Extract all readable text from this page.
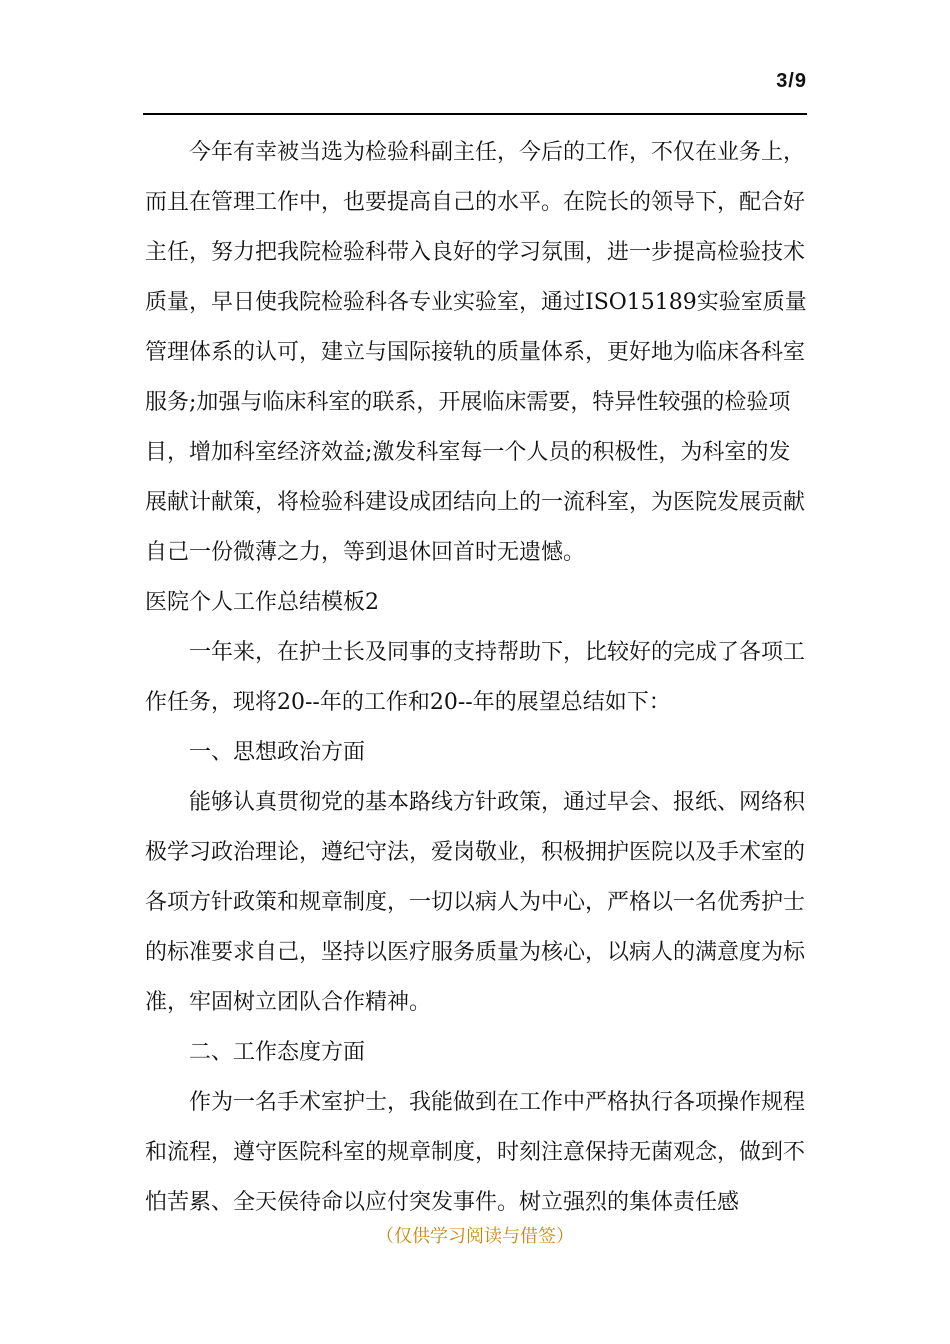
3/9

今年有幸被当选为检验科副主任，今后的工作，不仅在业务上，而且在管理工作中，也要提高自己的水平。在院长的领导下，配合好主任，努力把我院检验科带入良好的学习氛围，进一步提高检验技术质量，早日使我院检验科各专业实验室，通过ISO15189实验室质量管理体系的认可，建立与国际接轨的质量体系，更好地为临床各科室服务;加强与临床科室的联系，开展临床需要，特异性较强的检验项目，增加科室经济效益;激发科室每一个人员的积极性，为科室的发展献计献策，将检验科建设成团结向上的一流科室，为医院发展贡献自己一份微薄之力，等到退休回首时无遗憾。

医院个人工作总结模板2

一年来，在护士长及同事的支持帮助下，比较好的完成了各项工作任务，现将20--年的工作和20--年的展望总结如下：

一、思想政治方面

能够认真贯彻党的基本路线方针政策，通过早会、报纸、网络积极学习政治理论，遵纪守法，爱岗敬业，积极拥护医院以及手术室的各项方针政策和规章制度，一切以病人为中心，严格以一名优秀护士的标准要求自己，坚持以医疗服务质量为核心，以病人的满意度为标准，牢固树立团队合作精神。

二、工作态度方面

作为一名手术室护士，我能做到在工作中严格执行各项操作规程和流程，遵守医院科室的规章制度，时刻注意保持无菌观念，做到不怕苦累、全天侯待命以应付突发事件。树立强烈的集体责任感

（仅供学习阅读与借签）
